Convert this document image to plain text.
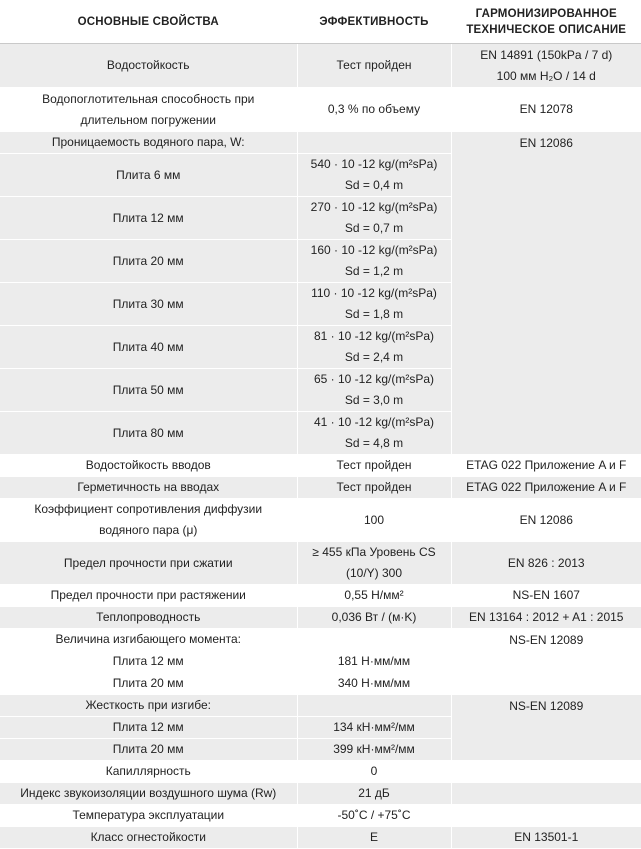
ОСНОВНЫЕ СВОЙСТВА	ЭФФЕКТИВНОСТЬ	ГАРМОНИЗИРОВАННОЕ ТЕХНИЧЕСКОЕ ОПИСАНИЕ
Водостойкость	Тест пройден	EN 14891 (150kPa / 7 d)
100 мм H₂O / 14 d

Водопоглотительная способность при
длительном погружении	0,3 % по объему	EN 12078
Проницаемость водяного пара, W:		EN 12086
Плита 6 мм	540 · 10 -12 kg/(m²sPa)
Sd = 0,4 m	

Плита 12 мм	270 · 10 -12 kg/(m²sPa)
Sd = 0,7 m	

Плита 20 мм	160 · 10 -12 kg/(m²sPa)
Sd = 1,2 m	

Плита 30 мм	110 · 10 -12 kg/(m²sPa)
Sd = 1,8 m	

Плита 40 мм	81 · 10 -12 kg/(m²sPa)
Sd = 2,4 m	

Плита 50 мм	65 · 10 -12 kg/(m²sPa)
Sd = 3,0 m	

Плита 80 мм	41 · 10 -12 kg/(m²sPa)
Sd = 4,8 m	

Водостойкость вводов	Тест пройден	ETAG 022 Приложение A и F
Герметичность на вводах	Тест пройден	ETAG 022 Приложение A и F

Коэффициент сопротивления диффузии
водяного пара (μ)	100	EN 12086
Предел прочности при сжатии	≥ 455 кПа Уровень CS
(10/Y) 300	EN 826 : 2013
Предел прочности при растяжении	0,55 Н/мм²	NS-EN 1607
Теплопроводность	0,036 Вт / (м·K)	EN 13164 : 2012 + A1 : 2015
Величина изгибающего момента:		NS-EN 12089
Плита 12 мм	181 Н·мм/мм	
Плита 20 мм	340 Н·мм/мм	
Жесткость при изгибе:		NS-EN 12089
Плита 12 мм	134 кН·мм²/мм	
Плита 20 мм	399 кН·мм²/мм	
Капиллярность	0	
Индекс звукоизоляции воздушного шума (Rw)	21 дБ	
Температура эксплуатации	-50˚C / +75˚C	
Класс огнестойкости	E	EN 13501-1
